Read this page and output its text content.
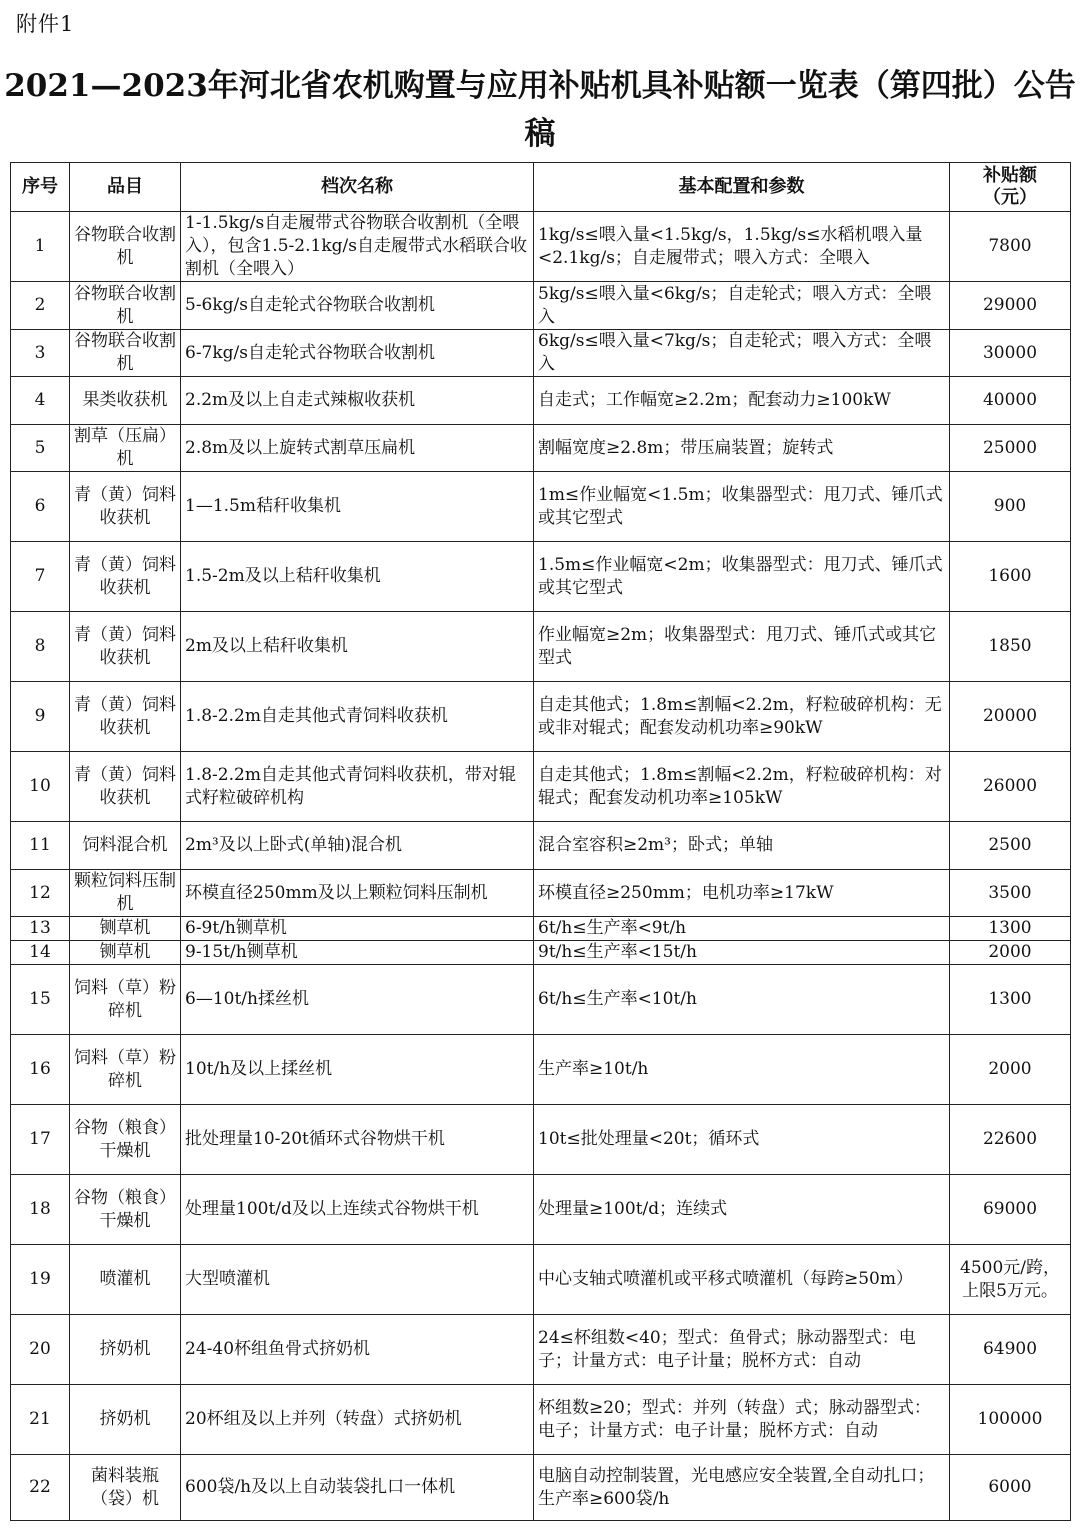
附件1
2021—2023年河北省农机购置与应用补贴机具补贴额一览表（第四批）公告
稿
序号	品目	档次名称	基本配置和参数	补贴额
（元）
1	谷物联合收割机	1-1.5kg/s自走履带式谷物联合收割机（全喂入），包含1.5-2.1kg/s自走履带式水稻联合收割机（全喂入）	1kg/s≤喂入量<1.5kg/s，1.5kg/s≤水稻机喂入量<2.1kg/s；自走履带式；喂入方式：全喂入	7800
2	谷物联合收割机	5-6kg/s自走轮式谷物联合收割机	5kg/s≤喂入量<6kg/s；自走轮式；喂入方式：全喂入	29000
3	谷物联合收割机	6-7kg/s自走轮式谷物联合收割机	6kg/s≤喂入量<7kg/s；自走轮式；喂入方式：全喂入	30000
4	果类收获机	2.2m及以上自走式辣椒收获机	自走式；工作幅宽≥2.2m；配套动力≥100kW	40000
5	割草（压扁）机	2.8m及以上旋转式割草压扁机	割幅宽度≥2.8m；带压扁装置；旋转式	25000
6	青（黄）饲料收获机	1—1.5m秸秆收集机	1m≤作业幅宽<1.5m；收集器型式：甩刀式、锤爪式或其它型式	900
7	青（黄）饲料收获机	1.5-2m及以上秸秆收集机	1.5m≤作业幅宽<2m；收集器型式：甩刀式、锤爪式或其它型式	1600
8	青（黄）饲料收获机	2m及以上秸秆收集机	作业幅宽≥2m；收集器型式：甩刀式、锤爪式或其它型式	1850
9	青（黄）饲料收获机	1.8-2.2m自走其他式青饲料收获机	自走其他式；1.8m≤割幅<2.2m，籽粒破碎机构：无或非对辊式；配套发动机功率≥90kW	20000
10	青（黄）饲料收获机	1.8-2.2m自走其他式青饲料收获机，带对辊式籽粒破碎机构	自走其他式；1.8m≤割幅<2.2m，籽粒破碎机构：对辊式；配套发动机功率≥105kW	26000
11	饲料混合机	2m³及以上卧式(单轴)混合机	混合室容积≥2m³；卧式；单轴	2500
12	颗粒饲料压制机	环模直径250mm及以上颗粒饲料压制机	环模直径≥250mm；电机功率≥17kW	3500
13	铡草机	6-9t/h铡草机	6t/h≤生产率<9t/h	1300
14	铡草机	9-15t/h铡草机	9t/h≤生产率<15t/h	2000
15	饲料（草）粉碎机	6—10t/h揉丝机	6t/h≤生产率<10t/h	1300
16	饲料（草）粉碎机	10t/h及以上揉丝机	生产率≥10t/h	2000
17	谷物（粮食）干燥机	批处理量10-20t循环式谷物烘干机	10t≤批处理量<20t；循环式	22600
18	谷物（粮食）干燥机	处理量100t/d及以上连续式谷物烘干机	处理量≥100t/d；连续式	69000
19	喷灌机	大型喷灌机	中心支轴式喷灌机或平移式喷灌机（每跨≥50m）	4500元/跨，上限5万元。
20	挤奶机	24-40杯组鱼骨式挤奶机	24≤杯组数<40；型式：鱼骨式；脉动器型式：电子；计量方式：电子计量；脱杯方式：自动	64900
21	挤奶机	20杯组及以上并列（转盘）式挤奶机	杯组数≥20；型式：并列（转盘）式；脉动器型式：电子；计量方式：电子计量；脱杯方式：自动	100000
22	菌料装瓶（袋）机	600袋/h及以上自动装袋扎口一体机	电脑自动控制装置，光电感应安全装置,全自动扎口；生产率≥600袋/h	6000
